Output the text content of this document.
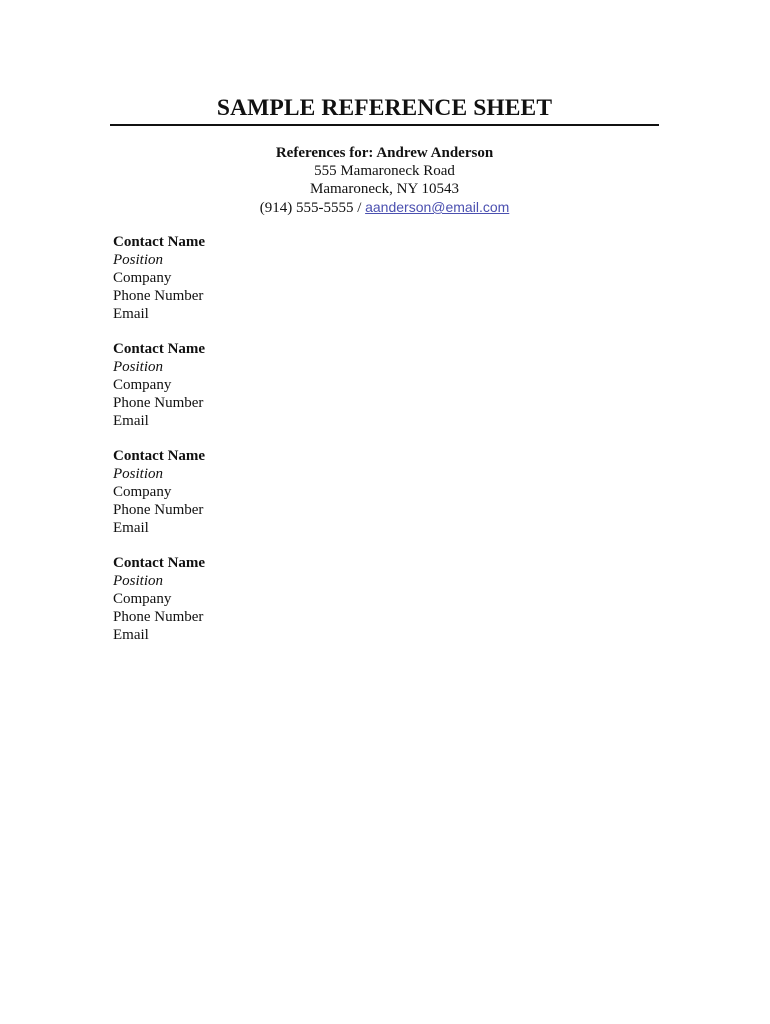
SAMPLE REFERENCE SHEET
References for: Andrew Anderson
555 Mamaroneck Road
Mamaroneck, NY 10543
(914) 555-5555 / aanderson@email.com
Contact Name
Position
Company
Phone Number
Email
Contact Name
Position
Company
Phone Number
Email
Contact Name
Position
Company
Phone Number
Email
Contact Name
Position
Company
Phone Number
Email
